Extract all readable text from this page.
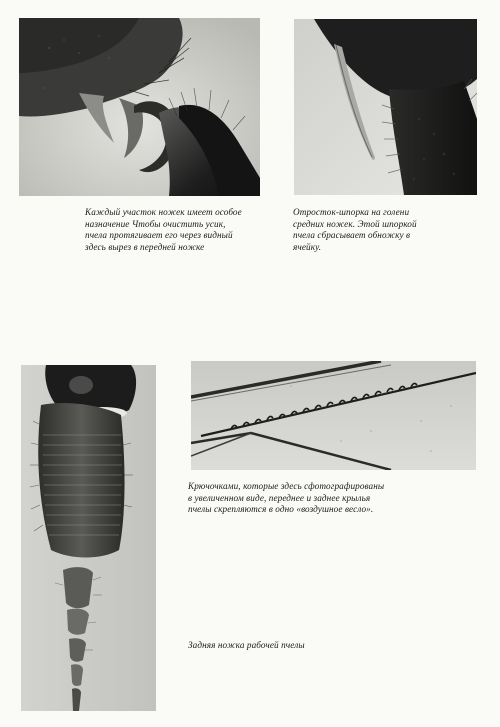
Каждый участок ножек имеет особое
назначение Чтобы очистить усик,
пчела протягивает его через видный
здесь вырез в передней ножке
Отросток-шпорка на голени
средних ножек. Этой шпоркой
пчела сбрасывает обножку в
ячейку.
Крючочками, которые здесь сфотографированы
в увеличенном виде, переднее и заднее крылья
пчелы скрепляются в одно «воздушное весло».
Задняя ножка рабочей пчелы
